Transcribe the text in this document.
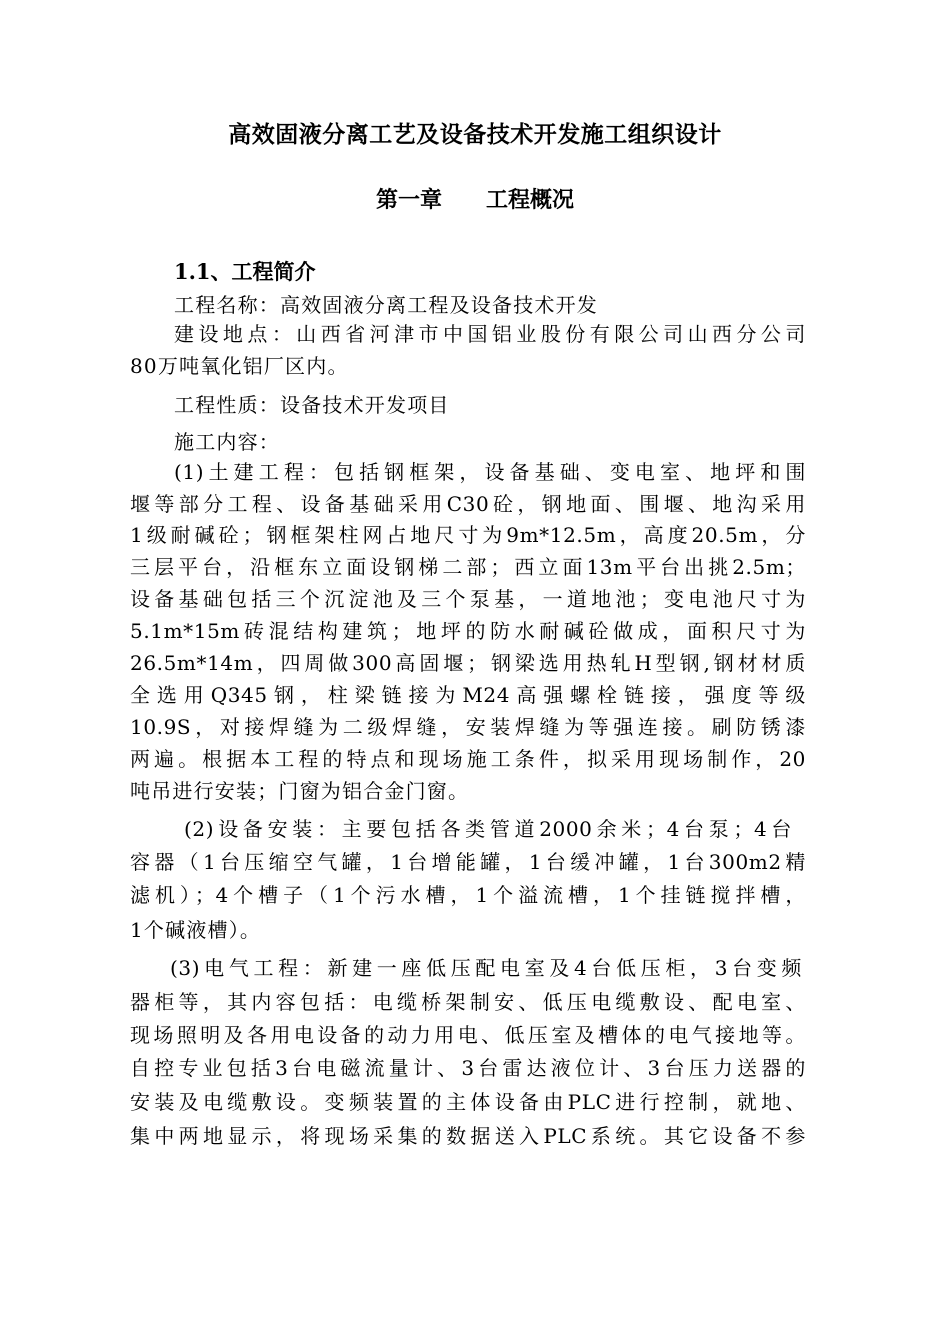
高效固液分离工艺及设备技术开发施工组织设计
第一章 工程概况
1.1、工程简介
工程名称：高效固液分离工程及设备技术开发
建设地点：山西省河津市中国铝业股份有限公司山西分公司
80万吨氧化铝厂区内。
工程性质：设备技术开发项目
施工内容：
(1)土建工程：包括钢框架，设备基础、变电室、地坪和围
堰等部分工程、设备基础采用C30砼，钢地面、围堰、地沟采用
1级耐碱砼；钢框架柱网占地尺寸为9m*12.5m，高度20.5m，分
三层平台，沿框东立面设钢梯二部；西立面13m平台出挑2.5m；
设备基础包括三个沉淀池及三个泵基，一道地池；变电池尺寸为
5.1m*15m砖混结构建筑；地坪的防水耐碱砼做成，面积尺寸为
26.5m*14m，四周做300高固堰；钢梁选用热轧H型钢,钢材材质
全选用Q345钢，柱梁链接为M24高强螺栓链接，强度等级
10.9S，对接焊缝为二级焊缝，安装焊缝为等强连接。刷防锈漆
两遍。根据本工程的特点和现场施工条件，拟采用现场制作，20
吨吊进行安装；门窗为铝合金门窗。
(2)设备安装：主要包括各类管道2000余米；4台泵；4台
容器（1台压缩空气罐，1台增能罐，1台缓冲罐，1台300m2精
滤机）；4个槽子（1个污水槽，1个溢流槽，1个挂链搅拌槽，
1个碱液槽）。
(3)电气工程：新建一座低压配电室及4台低压柜，3台变频
器柜等，其内容包括：电缆桥架制安、低压电缆敷设、配电室、
现场照明及各用电设备的动力用电、低压室及槽体的电气接地等。
自控专业包括3台电磁流量计、3台雷达液位计、3台压力送器的
安装及电缆敷设。变频装置的主体设备由PLC进行控制，就地、
集中两地显示，将现场采集的数据送入PLC系统。其它设备不参
